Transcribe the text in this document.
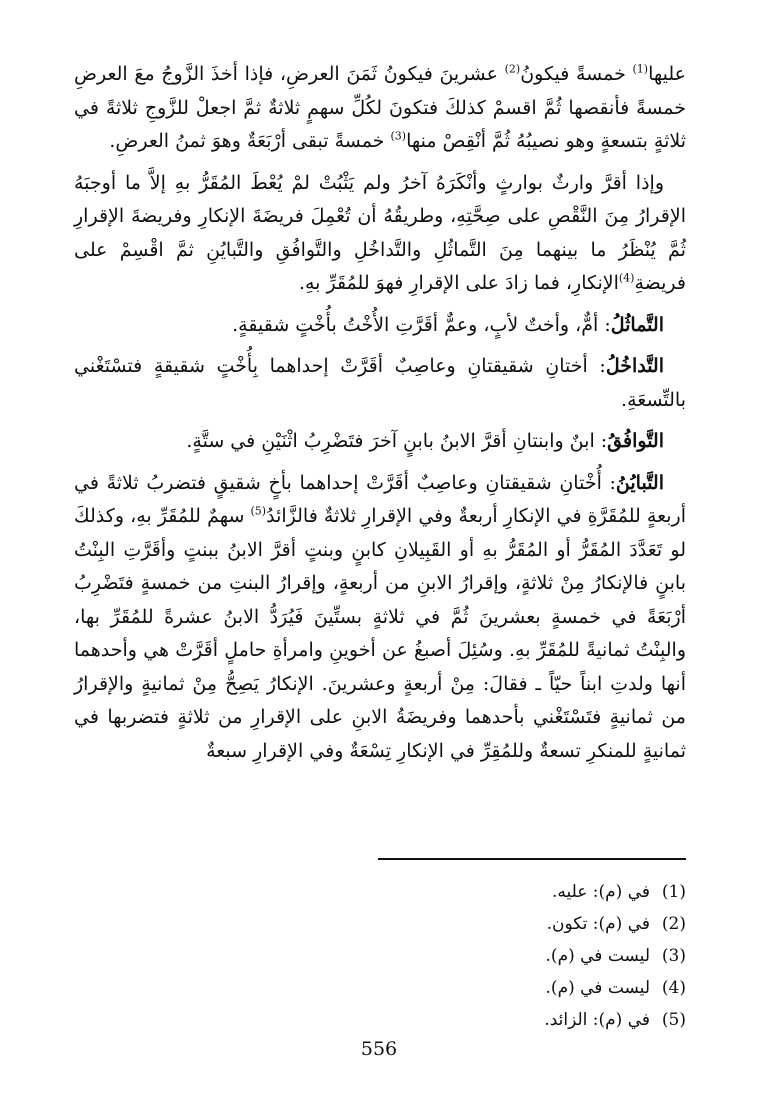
عليها$^{(1)}$ خمسةً فيكونُ$^{(2)}$ عشرينَ فيكونُ ثَمَنَ العرضِ، فإذا أخذَ الزَّوجُ معَ العرضِ خمسةً فأنقصها ثُمَّ اقسمْ كذلكَ فتكونَ لكُلِّ سهمٍ ثلاثةٌ ثمَّ اجعلْ للزَّوجِ ثلاثةً في ثلاثةٍ بتسعةٍ وهو نصيبُهُ ثُمَّ أنْقِصْ منها$^{(3)}$ خمسةً تبقى أرْبَعَةٌ وهوَ ثمنُ العرضِ.

وإذا أقرَّ وارثٌ بوارثٍ وأنْكَرَهُ آخرُ ولم يَثْبُتْ لمْ يُعْطَ المُقَرُّ بهِ إلاَّ ما أوجبَهُ الإقرارُ مِنَ النَّقْصِ على صِحَّتِهِ، وطريقُهُ أن تُعْمِلَ فريضَةَ الإنكارِ وفريضةَ الإقرارِ ثُمَّ يُنْظَرُ ما بينهما مِنَ التَّماثُلِ والتَّداخُلِ والتَّوافُقِ والتَّبايُنِ ثمَّ اقْسِمْ على فريضةِ$^{(4)}$الإنكارِ، فما زادَ على الإقرارِ فهوَ للمُقَرِّ بهِ.

التَّماثُلُ: أمٌّ، وأختٌ لأبٍ، وعمٌّ أقَرَّتِ الأُخْتُ بأُخْتٍ شقيقةٍ.

التَّداخُلُ: أختانِ شقيقتانِ وعاصِبٌ أقَرَّتْ إحداهما بِأُخْتٍ شقيقةٍ فتسْتَغْني بالتِّسعَةِ.

التَّوافُقُ: ابنٌ وابنتانِ أقرَّ الابنُ بابنٍ آخرَ فتَضْرِبُ اثْنَيْنِ في ستَّةٍ.

التَّبايُنُ: أُخْتانِ شقيقتانِ وعاصِبٌ أقَرَّتْ إحداهما بأخٍ شقيقٍ فتضربُ ثلاثةً في أربعةٍ للمُقَرَّةِ في الإنكارِ أربعةٌ وفي الإقرارِ ثلاثةٌ فالزَّائدُ$^{(5)}$ سهمٌ للمُقَرِّ بهِ، وكذلكَ لو تَعَدَّدَ المُقَرُّ أو المُقَرُّ بهِ أو القَبِيلانِ كابنٍ وبنتٍ أقرَّ الابنُ ببنتٍ وأقَرَّتِ البِنْتُ بابنٍ فالإنكارُ مِنْ ثلاثةٍ، وإقرارُ الابنِ من أربعةٍ، وإقرارُ البنتِ من خمسةٍ فتَضْرِبُ أرْبَعَةً في خمسةٍ بعشرينَ ثُمَّ في ثلاثةٍ بستِّينَ فَيُرَدُّ الابنُ عشرةً للمُقَرِّ بها، والبِنْتُ ثمانيةً للمُقَرِّ بهِ. وسُئِلَ أصبغُ عن أخوينِ وامرأةِ حاملٍ أقَرَّتْ هي وأحدهما أنها ولدتِ ابناً حيّاً ـ فقالَ: مِنْ أربعةٍ وعشرينَ. الإنكارُ يَصِحُّ مِنْ ثمانيةٍ والإقرارُ من ثمانيةٍ فتَسْتَغْني بأحدهما وفريضَةُ الابنِ على الإقرارِ من ثلاثةٍ فتضربها في ثمانيةٍ للمنكرِ تسعةٌ وللمُقِرِّ في الإنكارِ تِسْعَةٌ وفي الإقرارِ سبعةٌ

(1)
في (م): عليه.
(2)
في (م): تكون.
(3)
ليست في (م).
(4)
ليست في (م).
(5)
في (م): الزائد.
556
